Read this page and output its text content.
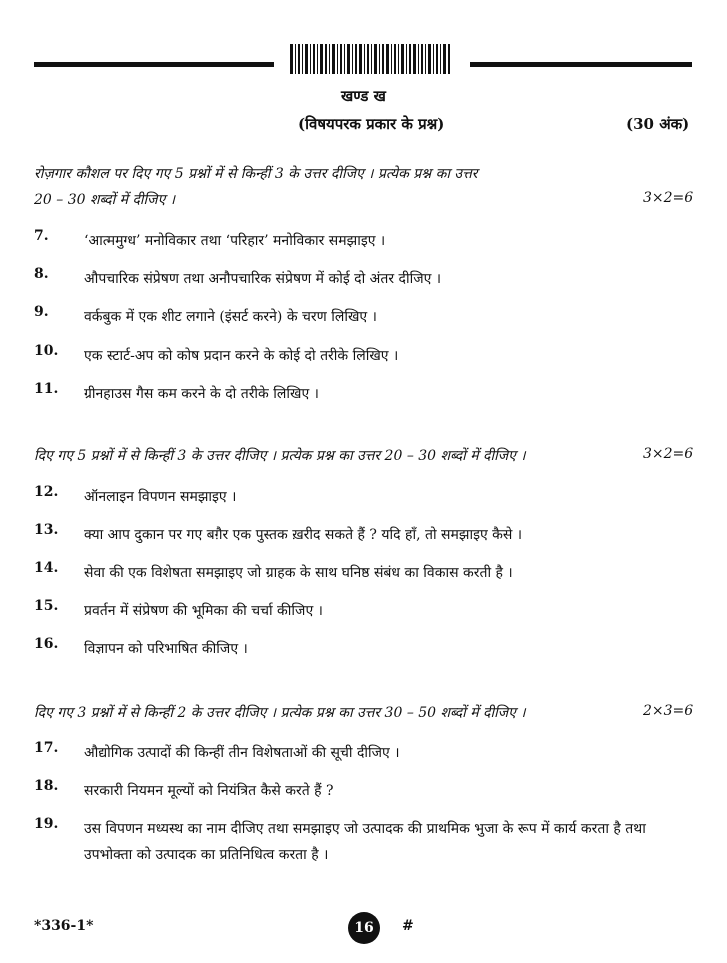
खण्ड ख
(विषयपरक प्रकार के प्रश्न)	(30 अंक)
रोज़गार कौशल पर दिए गए 5 प्रश्नों में से किन्हीं 3 के उत्तर दीजिए । प्रत्येक प्रश्न का उत्तर
20 – 30 शब्दों में दीजिए ।	3×2=6
7.	‘आत्ममुग्ध’ मनोविकार तथा ‘परिहार’ मनोविकार समझाइए ।
8.	औपचारिक संप्रेषण तथा अनौपचारिक संप्रेषण में कोई दो अंतर दीजिए ।
9.	वर्कबुक में एक शीट लगाने (इंसर्ट करने) के चरण लिखिए ।
10. एक स्टार्ट-अप को कोष प्रदान करने के कोई दो तरीके लिखिए ।
11. ग्रीनहाउस गैस कम करने के दो तरीके लिखिए ।
दिए गए 5 प्रश्नों में से किन्हीं 3 के उत्तर दीजिए । प्रत्येक प्रश्न का उत्तर 20 – 30 शब्दों में दीजिए ।	3×2=6
12. ऑनलाइन विपणन समझाइए ।
13. क्या आप दुकान पर गए बग़ैर एक पुस्तक ख़रीद सकते हैं ? यदि हाँ, तो समझाइए कैसे ।
14. सेवा की एक विशेषता समझाइए जो ग्राहक के साथ घनिष्ठ संबंध का विकास करती है ।
15. प्रवर्तन में संप्रेषण की भूमिका की चर्चा कीजिए ।
16. विज्ञापन को परिभाषित कीजिए ।
दिए गए 3 प्रश्नों में से किन्हीं 2 के उत्तर दीजिए । प्रत्येक प्रश्न का उत्तर 30 – 50 शब्दों में दीजिए ।	2×3=6
17. औद्योगिक उत्पादों की किन्हीं तीन विशेषताओं की सूची दीजिए ।
18. सरकारी नियमन मूल्यों को नियंत्रित कैसे करते हैं ?
19. उस विपणन मध्यस्थ का नाम दीजिए तथा समझाइए जो उत्पादक की प्राथमिक भुजा के रूप में कार्य करता है तथा उपभोक्ता को उत्पादक का प्रतिनिधित्व करता है ।
*336-1*	16	#
